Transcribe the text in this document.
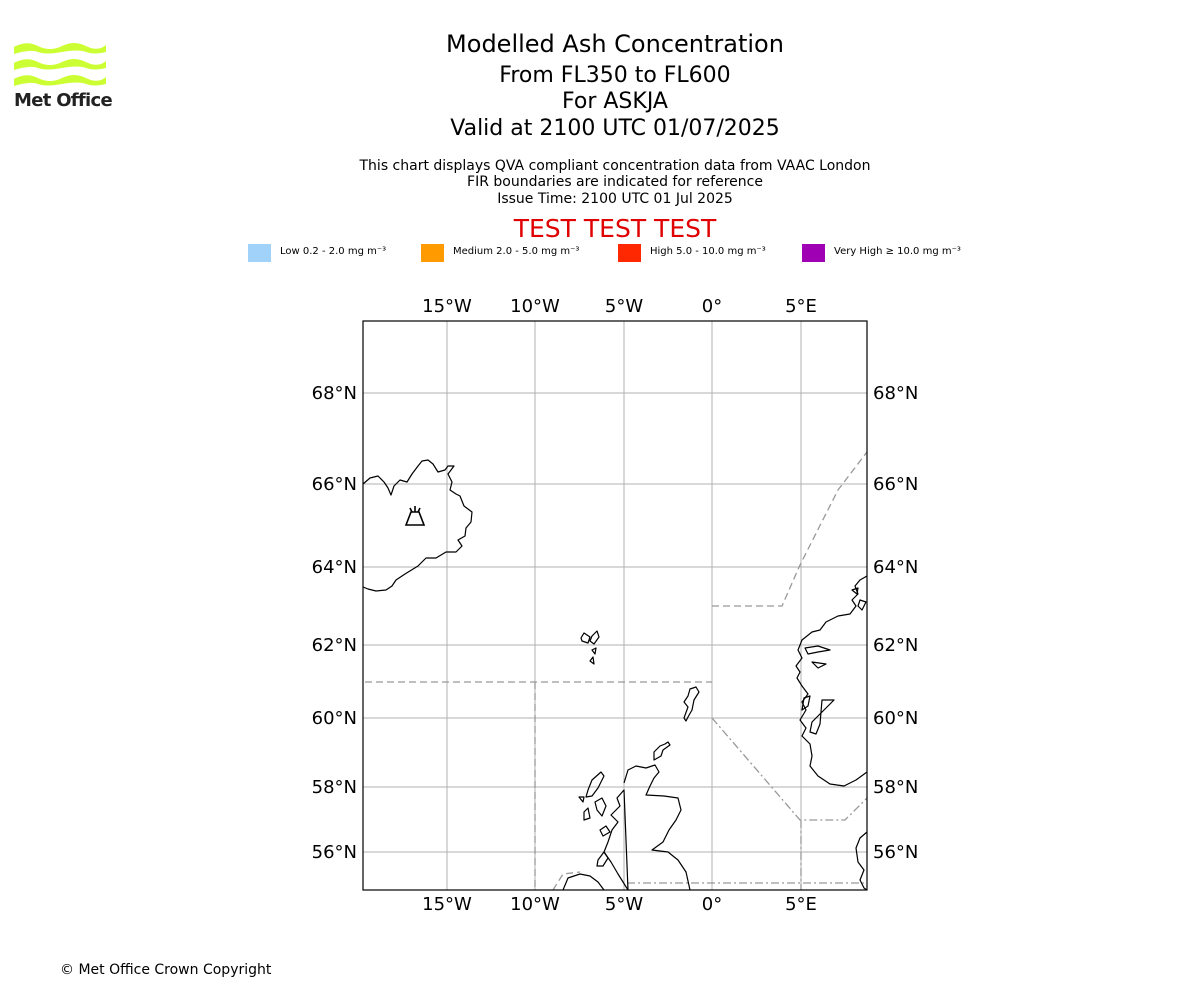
Met Office
Modelled Ash Concentration
From FL350 to FL600
For ASKJA
Valid at 2100 UTC 01/07/2025
This chart displays QVA compliant concentration data from VAAC London
FIR boundaries are indicated for reference
Issue Time: 2100 UTC 01 Jul 2025
TEST TEST TEST
Low 0.2 - 2.0 mg m⁻³	Medium 2.0 - 5.0 mg m⁻³	High 5.0 - 10.0 mg m⁻³	Very High ≥ 10.0 mg m⁻³
15°W 10°W	5°W	0°	5°E
15°W 10°W	5°W	0°	5°E
68°N
66°N
64°N
62°N
60°N
58°N
56°N
68°N
66°N
64°N
62°N
60°N
58°N
56°N
© Met Office Crown Copyright
